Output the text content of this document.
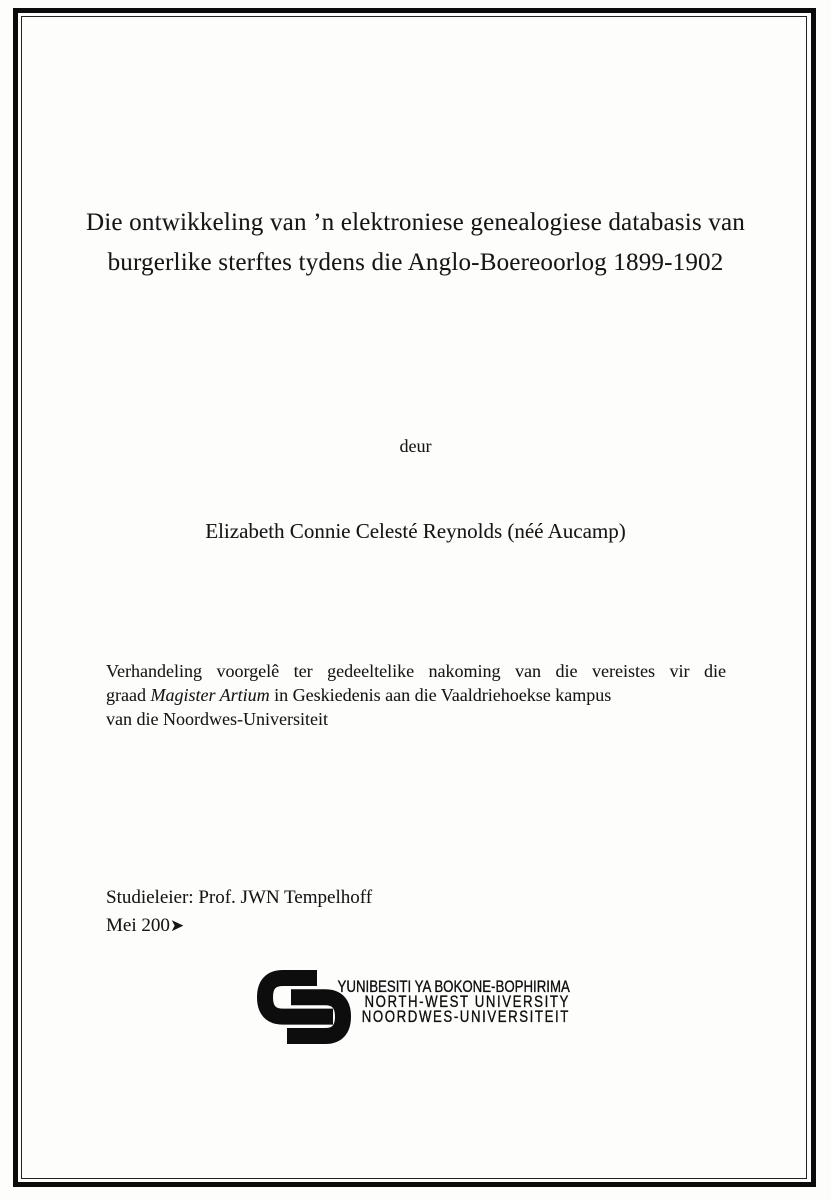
Die ontwikkeling van ’n elektroniese genealogiese databasis van
burgerlike sterftes tydens die Anglo-Boereoorlog 1899-1902
deur
Elizabeth Connie Celesté Reynolds (néé Aucamp)
Verhandeling voorgelê ter gedeeltelike nakoming van die vereistes vir die
graad Magister Artium in Geskiedenis aan die Vaaldriehoekse kampus
van die Noordwes-Universiteit
Studieleier: Prof. JWN Tempelhoff
Mei 200➤
YUNIBESITI YA BOKONE-BOPHIRIMA
NORTH-WEST UNIVERSITY
NOORDWES-UNIVERSITEIT
